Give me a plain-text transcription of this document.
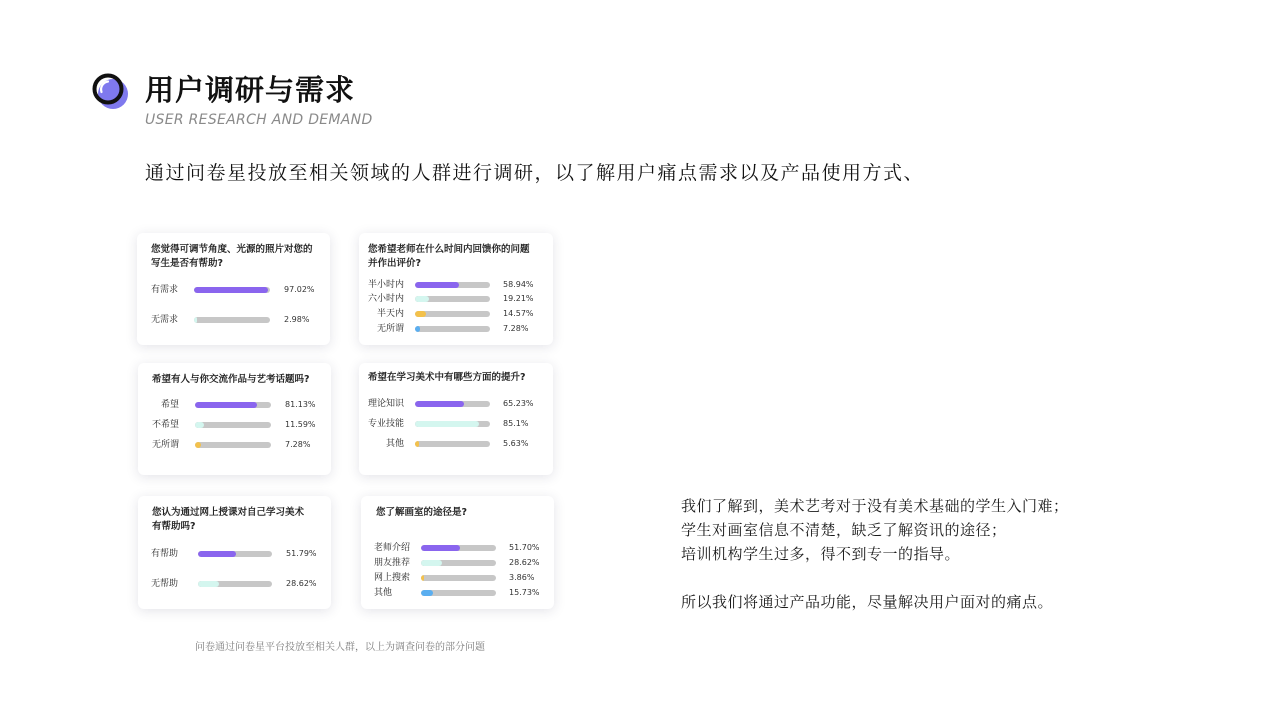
用户调研与需求
USER RESEARCH AND DEMAND
通过问卷星投放至相关领域的人群进行调研，以了解用户痛点需求以及产品使用方式、
您觉得可调节角度、光源的照片对您的写生是否有帮助?
有需求	97.02%
无需求	2.98%
您希望老师在什么时间内回馈你的问题并作出评价?
半小时内	58.94%
六小时内	19.21%
半天内	14.57%
无所谓	7.28%
希望有人与你交流作品与艺考话题吗?
希望	81.13%
不希望	11.59%
无所谓	7.28%
希望在学习美术中有哪些方面的提升?
理论知识	65.23%
专业技能	85.1%
其他	5.63%
您认为通过网上授课对自己学习美术有帮助吗?
有帮助	51.79%
无帮助	28.62%
您了解画室的途径是?
老师介绍	51.70%
朋友推荐	28.62%
网上搜索	3.86%
其他	15.73%
问卷通过问卷星平台投放至相关人群，以上为调查问卷的部分问题

我们了解到，美术艺考对于没有美术基础的学生入门难；

学生对画室信息不清楚，缺乏了解资讯的途径；

培训机构学生过多，得不到专一的指导。

所以我们将通过产品功能，尽量解决用户面对的痛点。
